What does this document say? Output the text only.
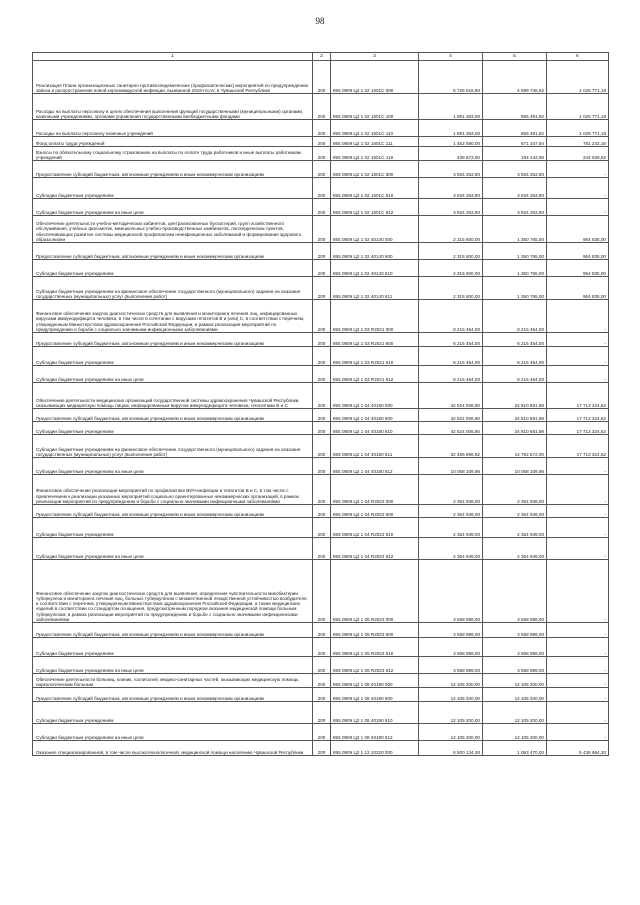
98
1	2	3	4	5	6
Реализация Плана организационных санитарно-противоэпидемических (профилактических) мероприятий по предупреждению завоза и распространения новой коронавирусной инфекции, вызванной 2019-nCoV, в Чувашской Республике	200	855 0909 Ц2 1 02 1601С 000	5 725 516,80	4 699 745,62	1 025 771,18
Расходы на выплаты персоналу в целях обеспечения выполнения функций государственными (муниципальными) органами, казенными учреждениями, органами управления государственными внебюджетными фондами	200	855 0909 Ц2 1 02 1601С 100	1 891 263,00	865 491,82	1 025 771,18
Расходы на выплаты персоналу казенных учреждений	200	855 0909 Ц2 1 02 1601С 110	1 891 263,00	865 491,82	1 025 771,18
Фонд оплаты труда учреждений	200	855 0909 Ц2 1 02 1601С 111	1 452 590,00	671 347,84	781 242,16
Взносы по обязательному социальному страхованию на выплаты по оплате труда работников и иные выплаты работникам учреждений	200	855 0909 Ц2 1 02 1601С 119	438 673,00	194 143,98	244 529,02
Предоставление субсидий бюджетным, автономным учреждениям и иным некоммерческим организациям	200	855 0909 Ц2 1 02 1601С 600	3 834 253,80	3 834 253,80	-
Субсидии бюджетным учреждениям	200	855 0909 Ц2 1 02 1601С 610	3 834 253,80	3 834 253,80	-
Субсидии бюджетным учреждениям на иные цели	200	855 0909 Ц2 1 02 1601С 612	3 834 253,80	3 834 253,80	-
Обеспечение деятельности учебно-методических кабинетов, централизованных бухгалтерий, групп хозяйственного обслуживания, учебных фильмотек, межшкольных учебно-производственных комбинатов, логопедических пунктов, обеспечивающих развитие системы медицинской профилактики неинфекционных заболеваний и формирования здорового образа жизни	200	855 0909 Ц2 1 02 40140 000	2 315 600,00	1 350 765,00	964 835,00
Предоставление субсидий бюджетным, автономным учреждениям и иным некоммерческим организациям	200	855 0909 Ц2 1 02 40140 600	2 315 600,00	1 350 765,00	964 835,00
Субсидии бюджетным учреждениям	200	855 0909 Ц2 1 02 40140 610	2 315 600,00	1 350 765,00	964 835,00
Субсидии бюджетным учреждениям на финансовое обеспечение государственного (муниципального) задания на оказание государственных (муниципальных) услуг (выполнение работ)	200	855 0909 Ц2 1 02 40140 611	2 315 600,00	1 350 765,00	964 835,00
Финансовое обеспечение закупок диагностических средств для выявления и мониторинга лечения лиц, инфицированных вирусами иммунодефицита человека, в том числе в сочетании с вирусами гепатитов В и (или) С, в соответствии с перечнем, утвержденным Министерством здравоохранения Российской Федерации, в рамках реализации мероприятий по предупреждению и борьбе с социально значимыми инфекционными заболеваниями	200	855 0909 Ц2 1 03 R2021 000	8 215 454,00	8 215 454,00	-
Предоставление субсидий бюджетным, автономным учреждениям и иным некоммерческим организациям	200	855 0909 Ц2 1 03 R2021 600	8 215 454,00	8 215 454,00	-
Субсидии бюджетным учреждениям	200	855 0909 Ц2 1 03 R2021 610	8 215 454,00	8 215 454,00	-
Субсидии бюджетным учреждениям на иные цели	200	855 0909 Ц2 1 03 R2021 612	8 215 454,00	8 215 454,00	-
Обеспечение деятельности медицинских организаций государственной системы здравоохранения Чувашской Республики, оказывающих медицинскую помощь лицам, инфицированным вирусом иммунодефицита человека, гепатитами В и С	200	855 0909 Ц2 1 04 40180 000	42 524 006,60	24 810 681,98	17 713 324,62
Предоставление субсидий бюджетным, автономным учреждениям и иным некоммерческим организациям	200	855 0909 Ц2 1 04 40180 600	42 524 006,60	24 810 681,98	17 713 324,62
Субсидии бюджетным учреждениям	200	855 0909 Ц2 1 04 40180 610	42 524 006,60	24 810 681,98	17 713 324,62
Субсидии бюджетным учреждениям на финансовое обеспечение государственного (муниципального) задания на оказание государственных (муниципальных) услуг (выполнение работ)	200	855 0909 Ц2 1 04 40180 611	32 465 896,62	14 752 572,00	17 713 324,62
Субсидии бюджетным учреждениям на иные цели	200	855 0909 Ц2 1 04 40180 612	10 058 109,98	10 058 109,98	-
Финансовое обеспечение реализации мероприятий по профилактике ВИЧ-инфекции и гепатитов В и С, в том числе с привлечением к реализации указанных мероприятий социально ориентированных некоммерческих организаций, в рамках реализации мероприятий по предупреждению и борьбе с социально значимыми инфекционными заболеваниями	200	855 0909 Ц2 1 04 R2022 000	2 354 949,00	2 354 949,00	-
Предоставление субсидий бюджетным, автономным учреждениям и иным некоммерческим организациям	200	855 0909 Ц2 1 04 R2022 600	2 354 949,00	2 354 949,00	-
Субсидии бюджетным учреждениям	200	855 0909 Ц2 1 04 R2022 610	2 354 949,00	2 354 949,00	-
Субсидии бюджетным учреждениям на иные цели	200	855 0909 Ц2 1 04 R2022 612	2 354 949,00	2 354 949,00	-
Финансовое обеспечение закупок диагностических средств для выявления, определения чувствительности микобактерии туберкулеза и мониторинга лечения лиц, больных туберкулезом с множественной лекарственной устойчивостью возбудителя, в соответствии с перечнем, утвержденным Министерством здравоохранения Российской Федерации, а также медицинских изделий в соответствии со стандартом оснащения, предусмотренным порядком оказания медицинской помощи больным туберкулезом, в рамках реализации мероприятий по предупреждению и борьбе с социально значимыми инфекционными заболеваниями	200	855 0909 Ц2 1 05 R2023 000	3 558 989,00	3 558 989,00	-
Предоставление субсидий бюджетным, автономным учреждениям и иным некоммерческим организациям	200	855 0909 Ц2 1 05 R2023 600	3 558 989,00	3 558 989,00	-
Субсидии бюджетным учреждениям	200	855 0909 Ц2 1 05 R2023 610	3 558 989,00	3 558 989,00	-
Субсидии бюджетным учреждениям на иные цели	200	855 0909 Ц2 1 05 R2023 612	3 558 989,00	3 558 989,00	-
Обеспечение деятельности больниц, клиник, госпиталей, медико-санитарных частей, оказывающих медицинскую помощь наркологическим больным	200	855 0909 Ц2 1 08 40190 000	12 105 200,00	12 105 200,00	-
Предоставление субсидий бюджетным, автономным учреждениям и иным некоммерческим организациям	200	855 0909 Ц2 1 08 40190 600	12 105 200,00	12 105 200,00	-
Субсидии бюджетным учреждениям	200	855 0909 Ц2 1 08 40190 610	12 105 200,00	12 105 200,00	-
Субсидии бюджетным учреждениям на иные цели	200	855 0909 Ц2 1 08 40190 612	12 105 200,00	12 105 200,00	-
Оказание специализированной, в том числе высокотехнологичной, медицинской помощи населению Чувашской Республики	200	855 0909 Ц2 1 12 10220 000	6 500 134,30	1 063 470,00	5 436 664,30
